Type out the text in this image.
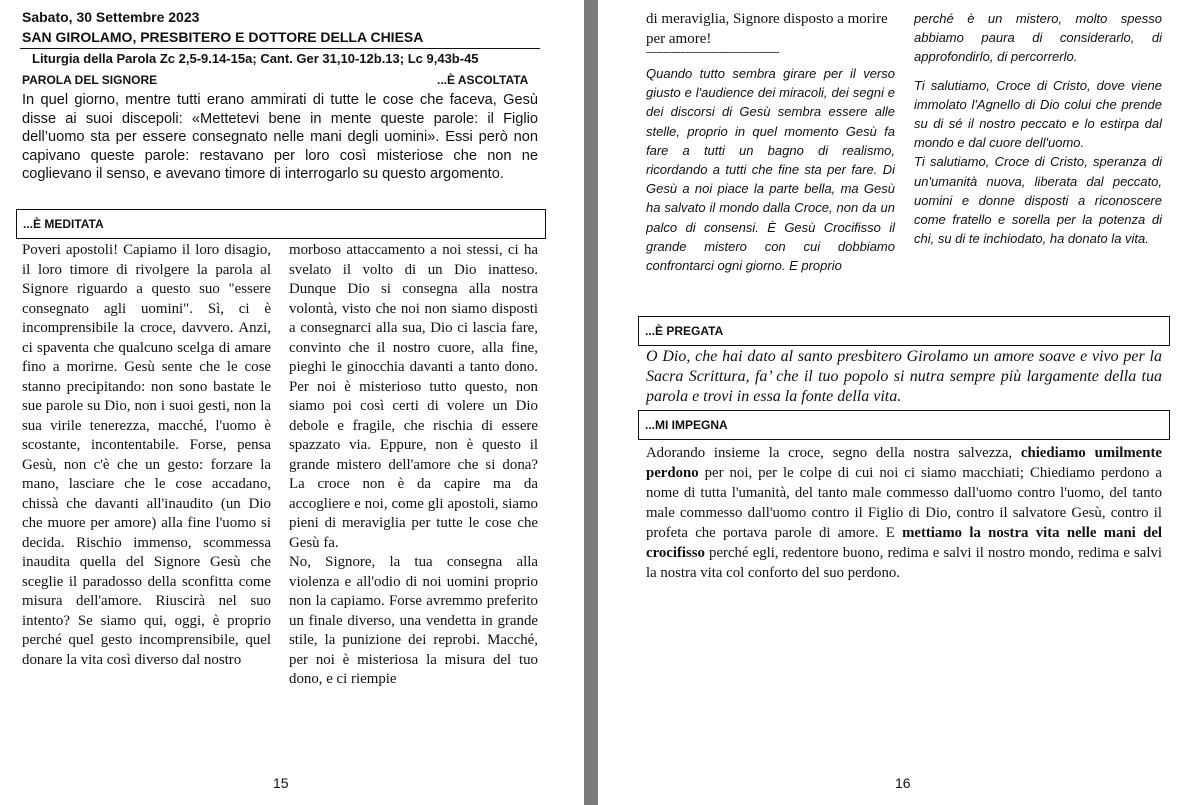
Sabato, 30 Settembre 2023
SAN GIROLAMO, PRESBITERO E DOTTORE DELLA CHIESA
Liturgia della Parola Zc 2,5-9.14-15a; Cant. Ger 31,10-12b.13; Lc 9,43b-45
PAROLA DEL SIGNORE	...È ASCOLTATA
In quel giorno, mentre tutti erano ammirati di tutte le cose che faceva, Gesù disse ai suoi discepoli: «Mettetevi bene in mente queste parole: il Figlio dell’uomo sta per essere consegnato nelle mani degli uomini». Essi però non capivano queste parole: restavano per loro così misteriose che non ne coglievano il senso, e avevano timore di interrogarlo su questo argomento.
...È MEDITATA
Poveri apostoli! Capiamo il loro disagio, il loro timore di rivolgere la parola al Signore riguardo a questo suo "essere consegnato agli uomini". Sì, ci è incomprensibile la croce, davvero. Anzi, ci spaventa che qualcuno scelga di amare fino a morirne. Gesù sente che le cose stanno precipitando: non sono bastate le sue parole su Dio, non i suoi gesti, non la sua virile tenerezza, macché, l'uomo è scostante, incontentabile. Forse, pensa Gesù, non c'è che un gesto: forzare la mano, lasciare che le cose accadano, chissà che davanti all'inaudito (un Dio che muore per amore) alla fine l'uomo si decida. Rischio immenso, scommessa inaudita quella del Signore Gesù che sceglie il paradosso della sconfitta come misura dell'amore. Riuscirà nel suo intento? Se siamo qui, oggi, è proprio perché quel gesto incomprensibile, quel donare la vita così diverso dal nostro
morboso attaccamento a noi stessi, ci ha svelato il volto di un Dio inatteso. Dunque Dio si consegna alla nostra volontà, visto che noi non siamo disposti a consegnarci alla sua, Dio ci lascia fare, convinto che il nostro cuore, alla fine, pieghi le ginocchia davanti a tanto dono. Per noi è misterioso tutto questo, non siamo poi così certi di volere un Dio debole e fragile, che rischia di essere spazzato via. Eppure, non è questo il grande mistero dell'amore che si dona? La croce non è da capire ma da accogliere e noi, come gli apostoli, siamo pieni di meraviglia per tutte le cose che Gesù fa.
No, Signore, la tua consegna alla violenza e all'odio di noi uomini proprio non la capiamo. Forse avremmo preferito un finale diverso, una vendetta in grande stile, la punizione dei reprobi. Macché, per noi è misteriosa la misura del tuo dono, e ci riempie
15
di meraviglia, Signore disposto a morire per amore!
-----------------------------------------------
Quando tutto sembra girare per il verso giusto e l'audience dei miracoli, dei segni e dei discorsi di Gesù sembra essere alle stelle, proprio in quel momento Gesù fa fare a tutti un bagno di realismo, ricordando a tutti che fine sta per fare. Di Gesù a noi piace la parte bella, ma Gesù ha salvato il mondo dalla Croce, non da un palco di consensi. È Gesù Crocifisso il grande mistero con cui dobbiamo confrontarci ogni giorno. E proprio
perché è un mistero, molto spesso abbiamo paura di considerarlo, di approfondirlo, di percorrerlo.
Ti salutiamo, Croce di Cristo, dove viene immolato l'Agnello di Dio colui che prende su di sé il nostro peccato e lo estirpa dal mondo e dal cuore dell'uomo.
Ti salutiamo, Croce di Cristo, speranza di un'umanità nuova, liberata dal peccato, uomini e donne disposti a riconoscere come fratello e sorella per la potenza di chi, su di te inchiodato, ha donato la vita.
...È PREGATA
O Dio, che hai dato al santo presbitero Girolamo un amore soave e vivo per la Sacra Scrittura, fa’ che il tuo popolo si nutra sempre più largamente della tua parola e trovi in essa la fonte della vita.
...MI IMPEGNA
Adorando insieme la croce, segno della nostra salvezza, chiediamo umilmente perdono per noi, per le colpe di cui noi ci siamo macchiati; Chiediamo perdono a nome di tutta l'umanità, del tanto male commesso dall'uomo contro l'uomo, del tanto male commesso dall'uomo contro il Figlio di Dio, contro il salvatore Gesù, contro il profeta che portava parole di amore. E mettiamo la nostra vita nelle mani del crocifisso perché egli, redentore buono, redima e salvi il nostro mondo, redima e salvi la nostra vita col conforto del suo perdono.
16
